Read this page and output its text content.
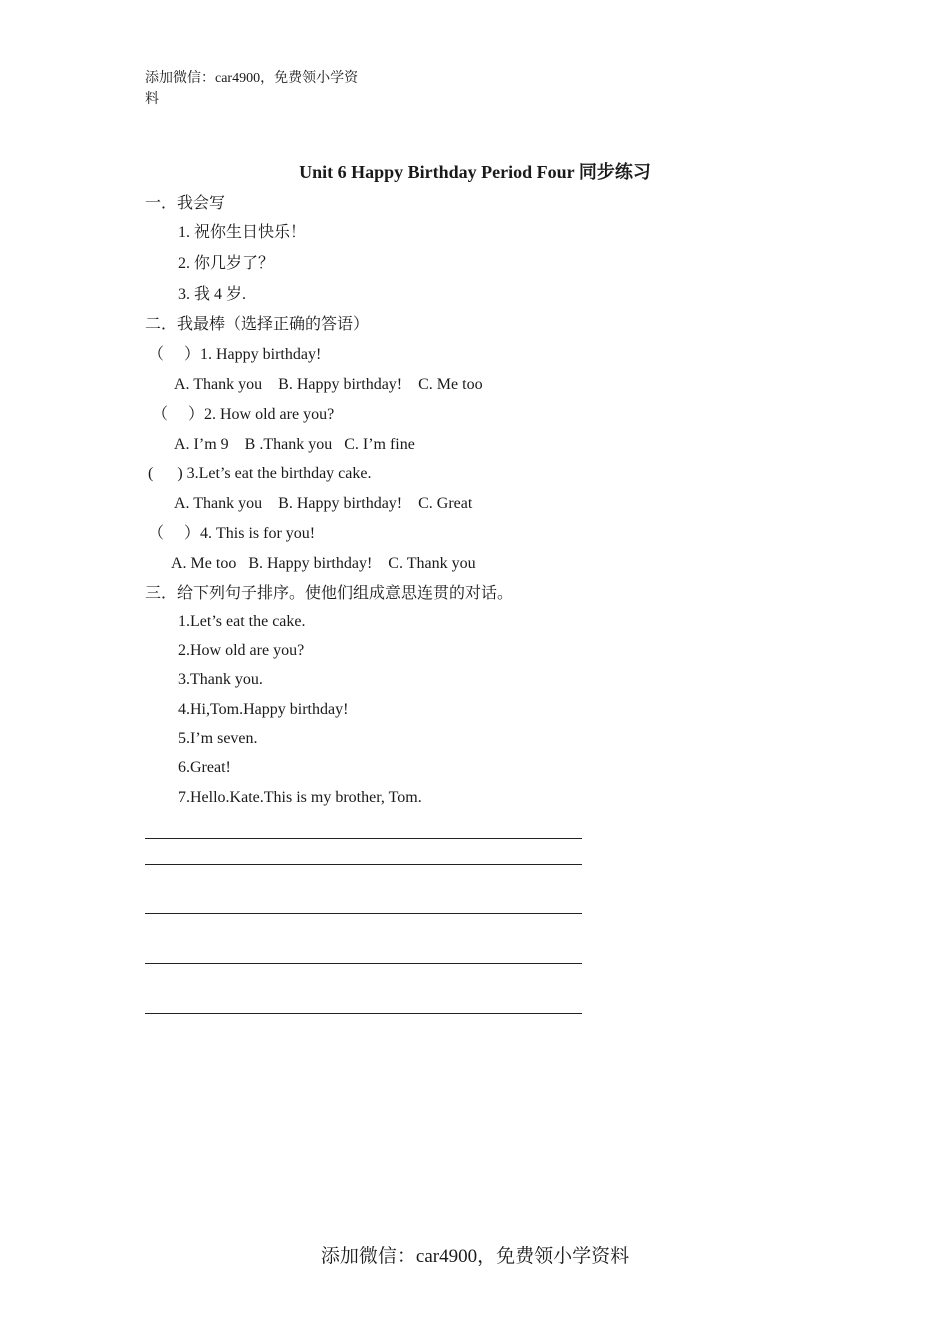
添加微信：car4900，免费领小学资
料
Unit 6 Happy Birthday Period Four 同步练习
一．我会写
1. 祝你生日快乐！
2. 你几岁了？
3. 我 4 岁.
二．我最棒（选择正确的答语）
（     ）1. Happy birthday!
A. Thank you    B. Happy birthday!    C. Me too
（     ）2. How old are you?
A. I’m 9    B .Thank you   C. I’m fine
(      ) 3.Let’s eat the birthday cake.
A. Thank you    B. Happy birthday!    C. Great
（     ）4. This is for you!
A. Me too   B. Happy birthday!    C. Thank you
三．给下列句子排序。使他们组成意思连贯的对话。
1.Let’s eat the cake.
2.How old are you?
3.Thank you.
4.Hi,Tom.Happy birthday!
5.I’m seven.
6.Great!
7.Hello.Kate.This is my brother, Tom.
添加微信：car4900，免费领小学资料
